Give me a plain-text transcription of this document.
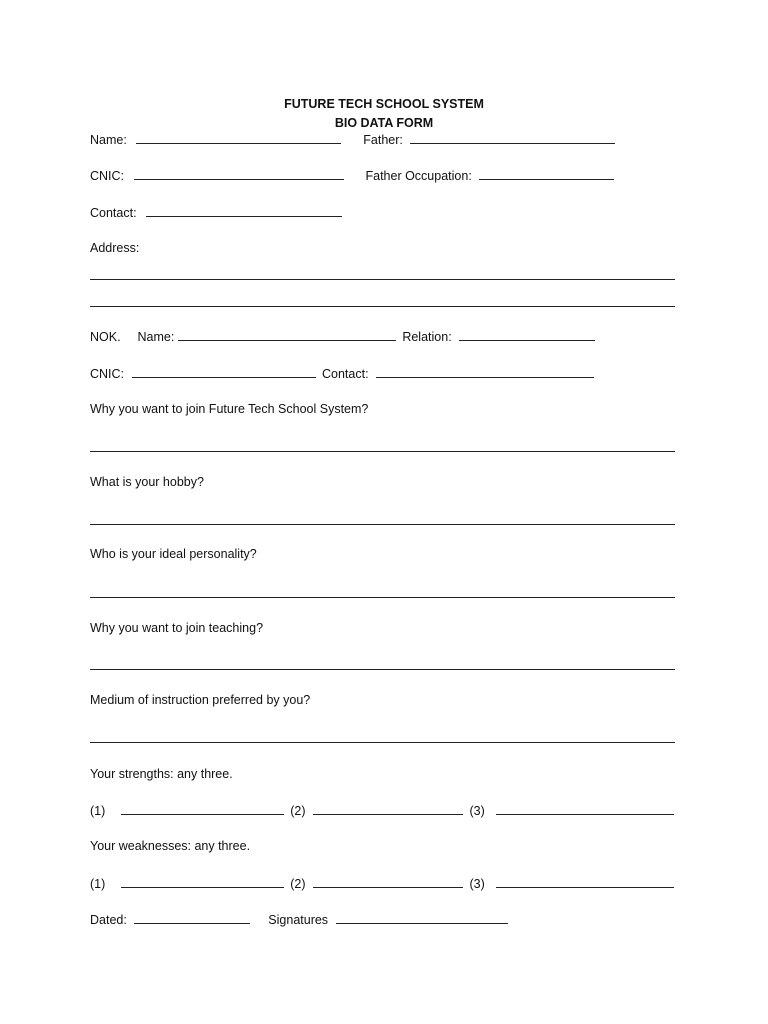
FUTURE TECH SCHOOL SYSTEM
BIO DATA FORM
Name:	Father:
CNIC:	Father Occupation:
Contact:
Address:
NOK. Name:	Relation:
CNIC:	Contact:
Why you want to join Future Tech School System?
What is your hobby?
Who is your ideal personality?
Why you want to join teaching?
Medium of instruction preferred by you?
Your strengths: any three.
(1)	(2)	(3)
Your weaknesses: any three.
(1)	(2)	(3)
Dated:	Signatures
